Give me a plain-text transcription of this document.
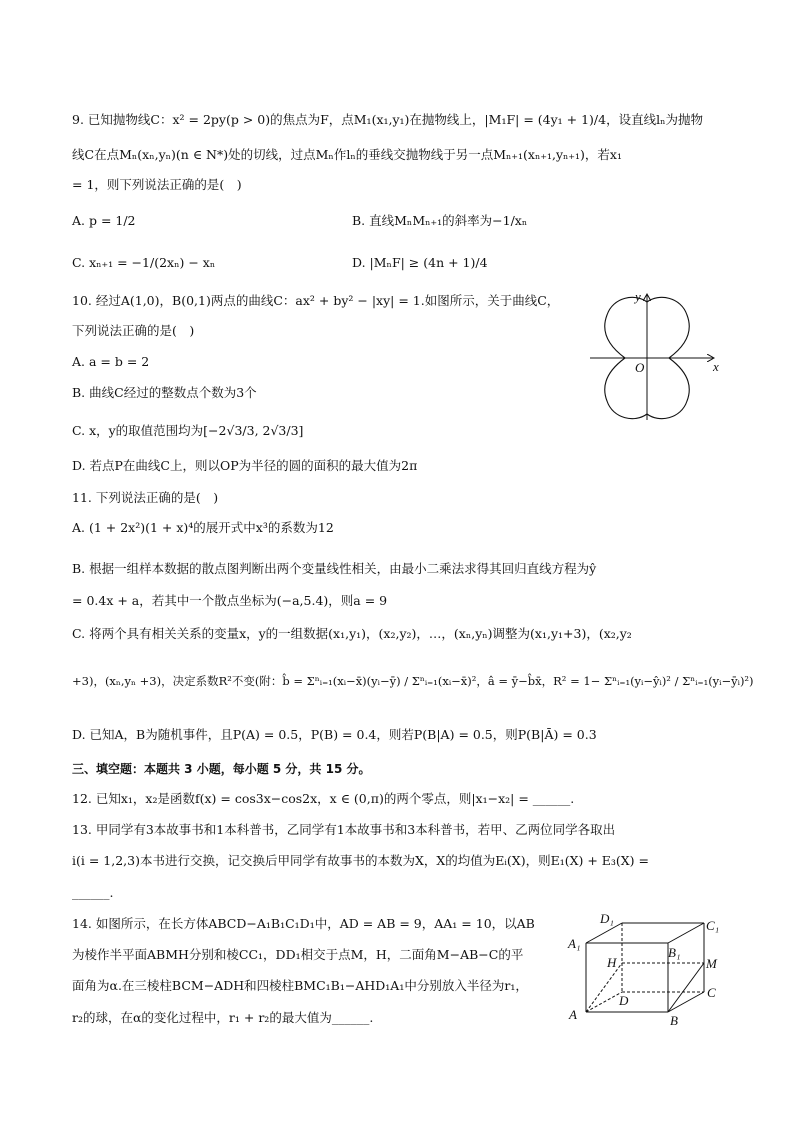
9. 已知抛物线C：x² = 2py(p > 0)的焦点为F，点M₁(x₁,y₁)在抛物线上，|M₁F| = (4y₁ + 1)/4，设直线lₙ为抛物
线C在点Mₙ(xₙ,yₙ)(n ∈ N*)处的切线，过点Mₙ作lₙ的垂线交抛物线于另一点Mₙ₊₁(xₙ₊₁,yₙ₊₁)，若x₁
= 1，则下列说法正确的是(　)
A. p = 1/2	B. 直线MₙMₙ₊₁的斜率为−1/xₙ
C. xₙ₊₁ = −1/(2xₙ) − xₙ	D. |MₙF| ≥ (4n + 1)/4
10. 经过A(1,0)，B(0,1)两点的曲线C：ax² + by² − |xy| = 1.如图所示，关于曲线C，
下列说法正确的是(　)
A. a = b = 2
B. 曲线C经过的整数点个数为3个
C. x，y的取值范围均为[−2√3/3, 2√3/3]
D. 若点P在曲线C上，则以OP为半径的圆的面积的最大值为2π
x
y
O
11. 下列说法正确的是(　)
A. (1 + 2x²)(1 + x)⁴的展开式中x³的系数为12
B. 根据一组样本数据的散点图判断出两个变量线性相关，由最小二乘法求得其回归直线方程为ŷ
= 0.4x + a，若其中一个散点坐标为(−a,5.4)，则a = 9
C. 将两个具有相关关系的变量x，y的一组数据(x₁,y₁)，(x₂,y₂)，…，(xₙ,yₙ)调整为(x₁,y₁+3)，(x₂,y₂
+3)，(xₙ,yₙ +3)，决定系数R²不变(附：b̂ = Σⁿᵢ₌₁(xᵢ−x̄)(yᵢ−ȳ) / Σⁿᵢ₌₁(xᵢ−x̄)²，â = ȳ−b̂x̄，R² = 1− Σⁿᵢ₌₁(yᵢ−ŷᵢ)² / Σⁿᵢ₌₁(yᵢ−ȳᵢ)²)
D. 已知A，B为随机事件，且P(A) = 0.5，P(B) = 0.4，则若P(B|A) = 0.5，则P(B|Ā) = 0.3
三、填空题：本题共 3 小题，每小题 5 分，共 15 分。
12. 已知x₁，x₂是函数f(x) = cos3x−cos2x，x ∈ (0,π)的两个零点，则|x₁−x₂| = ______.
13. 甲同学有3本故事书和1本科普书，乙同学有1本故事书和3本科普书，若甲、乙两位同学各取出
i(i = 1,2,3)本书进行交换，记交换后甲同学有故事书的本数为X，X的均值为Eᵢ(X)，则E₁(X) + E₃(X) =
______.
14. 如图所示，在长方体ABCD−A₁B₁C₁D₁中，AD = AB = 9，AA₁ = 10，以AB
为棱作半平面ABMH分别和棱CC₁，DD₁相交于点M，H，二面角M−AB−C的平
面角为α.在三棱柱BCM−ADH和四棱柱BMC₁B₁−AHD₁A₁中分别放入半径为r₁，
r₂的球，在α的变化过程中，r₁ + r₂的最大值为______.	A	B
C
D
A₁
B₁
C₁
D₁
H	M
